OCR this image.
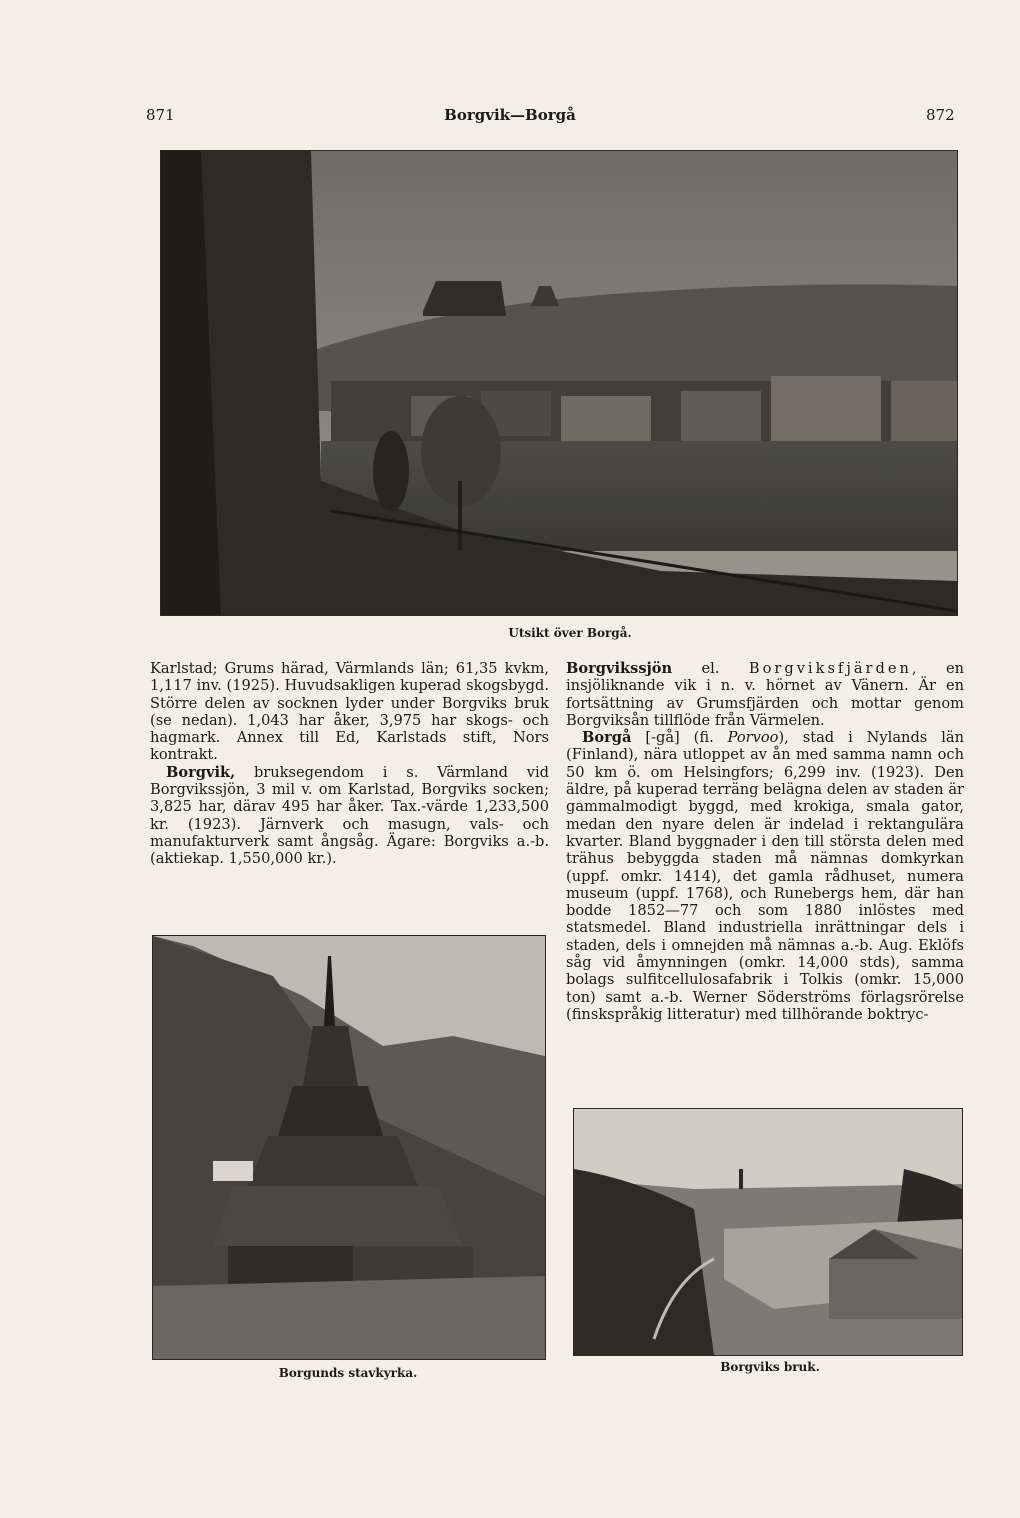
871	Borgvik—Borgå	872
Utsikt över Borgå.

Karlstad; Grums härad, Värmlands län; 61,35 kvkm, 1,117 inv. (1925). Huvudsakligen kuperad skogsbygd. Större delen av socknen lyder under Borgviks bruk (se nedan). 1,043 har åker, 3,975 har skogs- och hagmark. Annex till Ed, Karlstads stift, Nors kontrakt.

Borgvik, bruksegendom i s. Värmland vid Borgvikssjön, 3 mil v. om Karlstad, Borgviks socken; 3,825 har, därav 495 har åker. Tax.-värde 1,233,500 kr. (1923). Järnverk och masugn, vals- och manufakturverk samt ångsåg. Ägare: Borgviks a.-b. (aktiekap. 1,550,000 kr.).

Borgvikssjön el. Borgviksfjärden, en insjöliknande vik i n. v. hörnet av Vänern. Är en fortsättning av Grumsfjärden och mottar genom Borgviksån tillflöde från Värmelen.

Borgå [-gå] (fi. Porvoo), stad i Nylands län (Finland), nära utloppet av ån med samma namn och 50 km ö. om Helsingfors; 6,299 inv. (1923). Den äldre, på kuperad terräng belägna delen av staden är gammalmodigt byggd, med krokiga, smala gator, medan den nyare delen är indelad i rektangulära kvarter. Bland byggnader i den till största delen med trähus bebyggda staden må nämnas domkyrkan (uppf. omkr. 1414), det gamla rådhuset, numera museum (uppf. 1768), och Runebergs hem, där han bodde 1852—77 och som 1880 inlöstes med statsmedel. Bland industriella inrättningar dels i staden, dels i omnejden må nämnas a.-b. Aug. Eklöfs såg vid åmynningen (omkr. 14,000 stds), samma bolags sulfitcellulosafabrik i Tolkis (omkr. 15,000 ton) samt a.-b. Werner Söderströms förlagsrörelse (finskspråkig litteratur) med tillhörande boktryc-

Borgunds stavkyrka.	Borgviks bruk.
